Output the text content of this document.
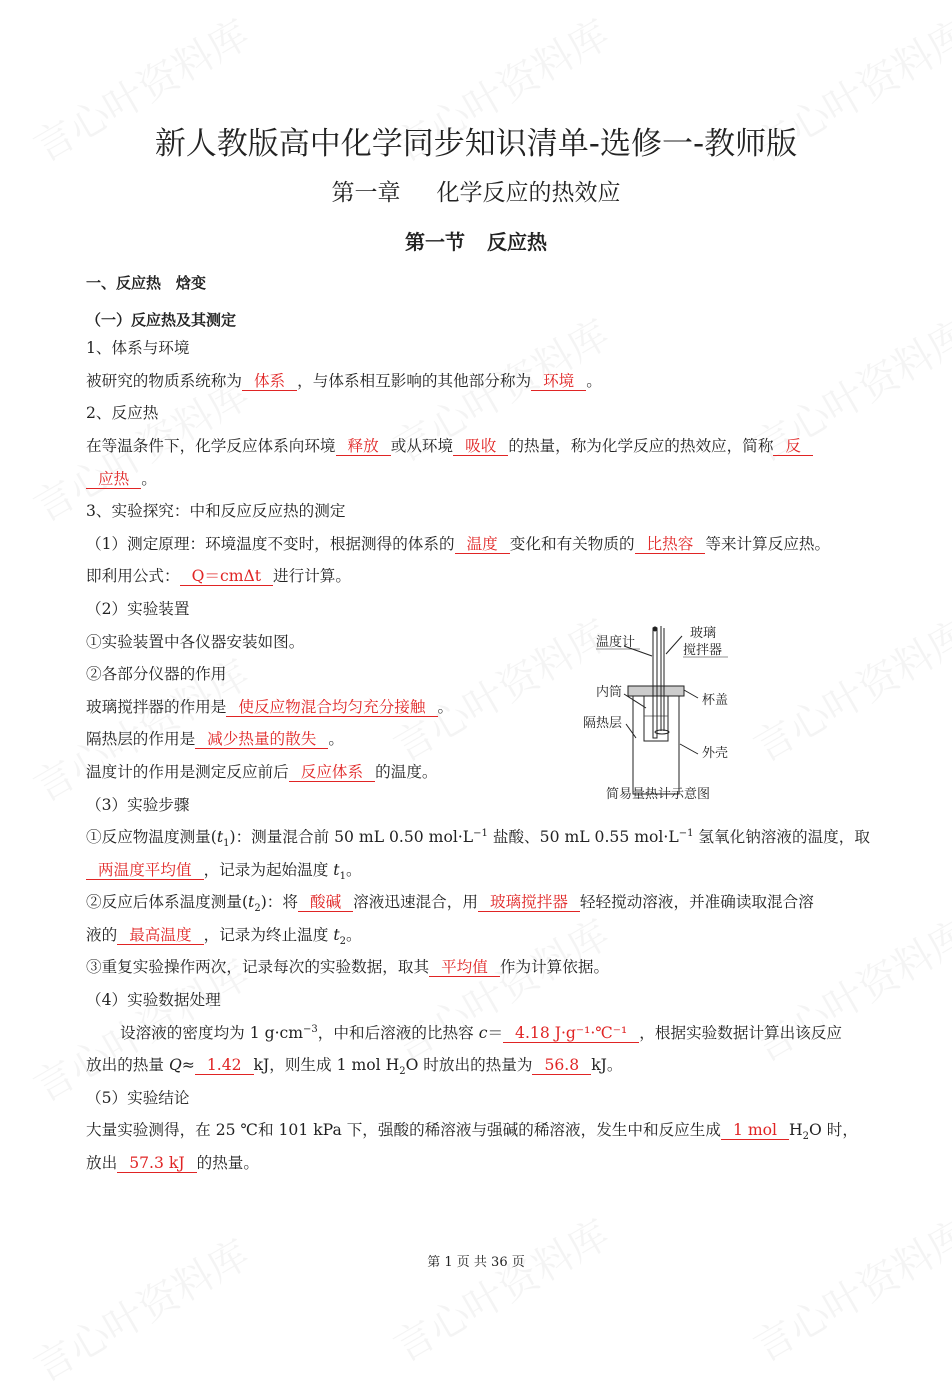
新人教版高中化学同步知识清单-选修一-教师版
第一章 化学反应的热效应
第一节 反应热
一、反应热　焓变
（一）反应热及其测定
1、体系与环境
被研究的物质系统称为 体系 ，与体系相互影响的其他部分称为 环境 。
2、反应热
在等温条件下，化学反应体系向环境 释放 或从环境 吸收 的热量，称为化学反应的热效应，简称 反
应热 。
3、实验探究：中和反应反应热的测定
（1）测定原理：环境温度不变时，根据测得的体系的 温度 变化和有关物质的 比热容 等来计算反应热。
即利用公式： Q＝cmΔt 进行计算。
（2）实验装置
①实验装置中各仪器安装如图。
②各部分仪器的作用
玻璃搅拌器的作用是 使反应物混合均匀充分接触 。
隔热层的作用是 减少热量的散失 。
温度计的作用是测定反应前后 反应体系 的温度。
（3）实验步骤
①反应物温度测量$(t_1)$：测量混合前 50 mL 0.50 $mol\cdot L^{-1}$ 盐酸、50 mL 0.55 $mol\cdot L^{-1}$ 氢氧化钠溶液的温度，取
两温度平均值 ，记录为起始温度 $t_1$。
②反应后体系温度测量$(t_2)$：将 酸碱 溶液迅速混合，用 玻璃搅拌器 轻轻搅动溶液，并准确读取混合溶
液的 最高温度 ，记录为终止温度 $t_2$。
③重复实验操作两次，记录每次的实验数据，取其 平均值 作为计算依据。
（4）实验数据处理
设溶液的密度均为 1 $g\cdot cm^{-3}$，中和后溶液的比热容 c＝ 4.18 J·g⁻¹·℃⁻¹ ，根据实验数据计算出该反应
放出的热量 Q≈ 1.42 kJ，则生成 1 mol $H_2O$ 时放出的热量为 56.8 kJ。
（5）实验结论
大量实验测得，在 25 ℃和 101 kPa 下，强酸的稀溶液与强碱的稀溶液，发生中和反应生成 1 mol $H_2O$ 时，
放出 57.3 kJ 的热量。
温度计
玻璃
搅拌器
内筒
杯盖
隔热层
外壳
简易量热计示意图
第 1 页 共 36 页
